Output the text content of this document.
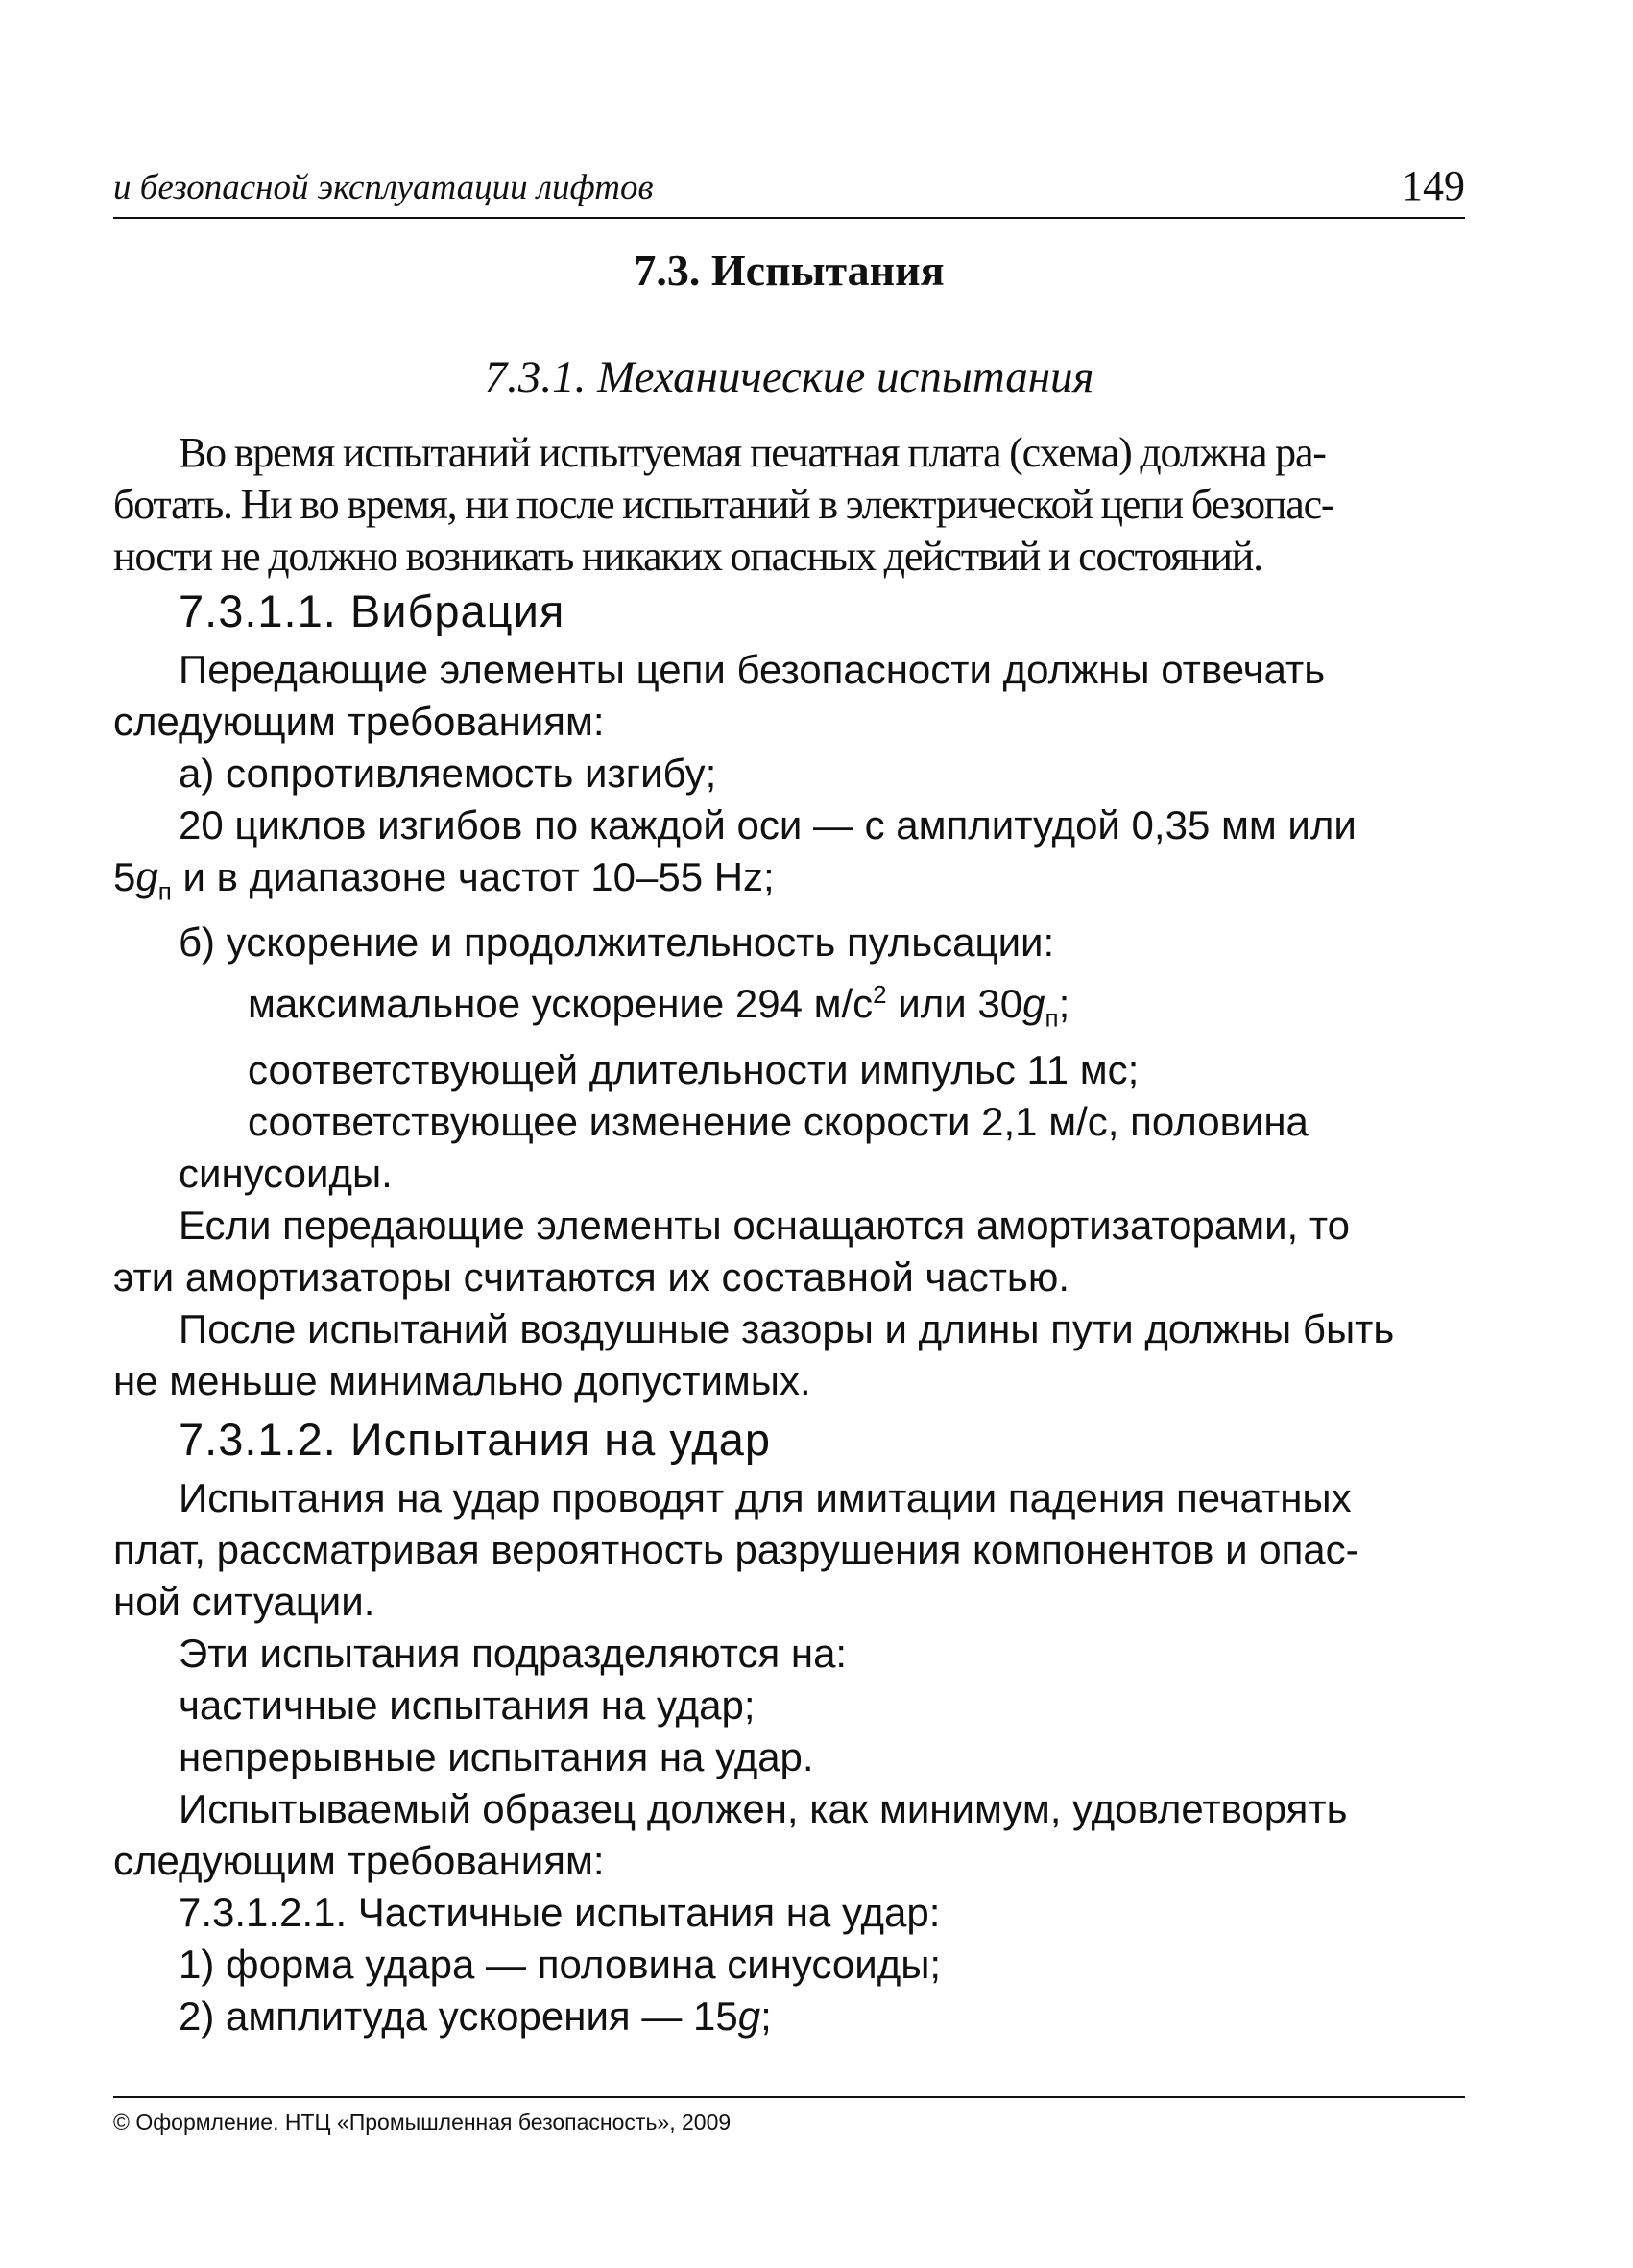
и безопасной эксплуатации лифтов	149
7.3. Испытания
7.3.1. Механические испытания
Во время испытаний испытуемая печатная плата (схема) должна ра-
ботать. Ни во время, ни после испытаний в электрической цепи безопас-
ности не должно возникать никаких опасных действий и состояний.
7.3.1.1. Вибрация
Передающие элементы цепи безопасности должны отвечать
следующим требованиям:
а) сопротивляемость изгибу;
20 циклов изгибов по каждой оси — с амплитудой 0,35 мм или
$5g_п$ и в диапазоне частот 10–55 Hz;
б) ускорение и продолжительность пульсации:
максимальное ускорение 294 $м/с^2$ или $30g_п$;
соответствующей длительности импульс 11 мс;
соответствующее изменение скорости 2,1 м/с, половина
синусоиды.
Если передающие элементы оснащаются амортизаторами, то
эти амортизаторы считаются их составной частью.
После испытаний воздушные зазоры и длины пути должны быть
не меньше минимально допустимых.
7.3.1.2. Испытания на удар
Испытания на удар проводят для имитации падения печатных
плат, рассматривая вероятность разрушения компонентов и опас-
ной ситуации.
Эти испытания подразделяются на:
частичные испытания на удар;
непрерывные испытания на удар.
Испытываемый образец должен, как минимум, удовлетворять
следующим требованиям:
7.3.1.2.1. Частичные испытания на удар:
1) форма удара — половина синусоиды;
2) амплитуда ускорения — 15g;
© Оформление. НТЦ «Промышленная безопасность», 2009
